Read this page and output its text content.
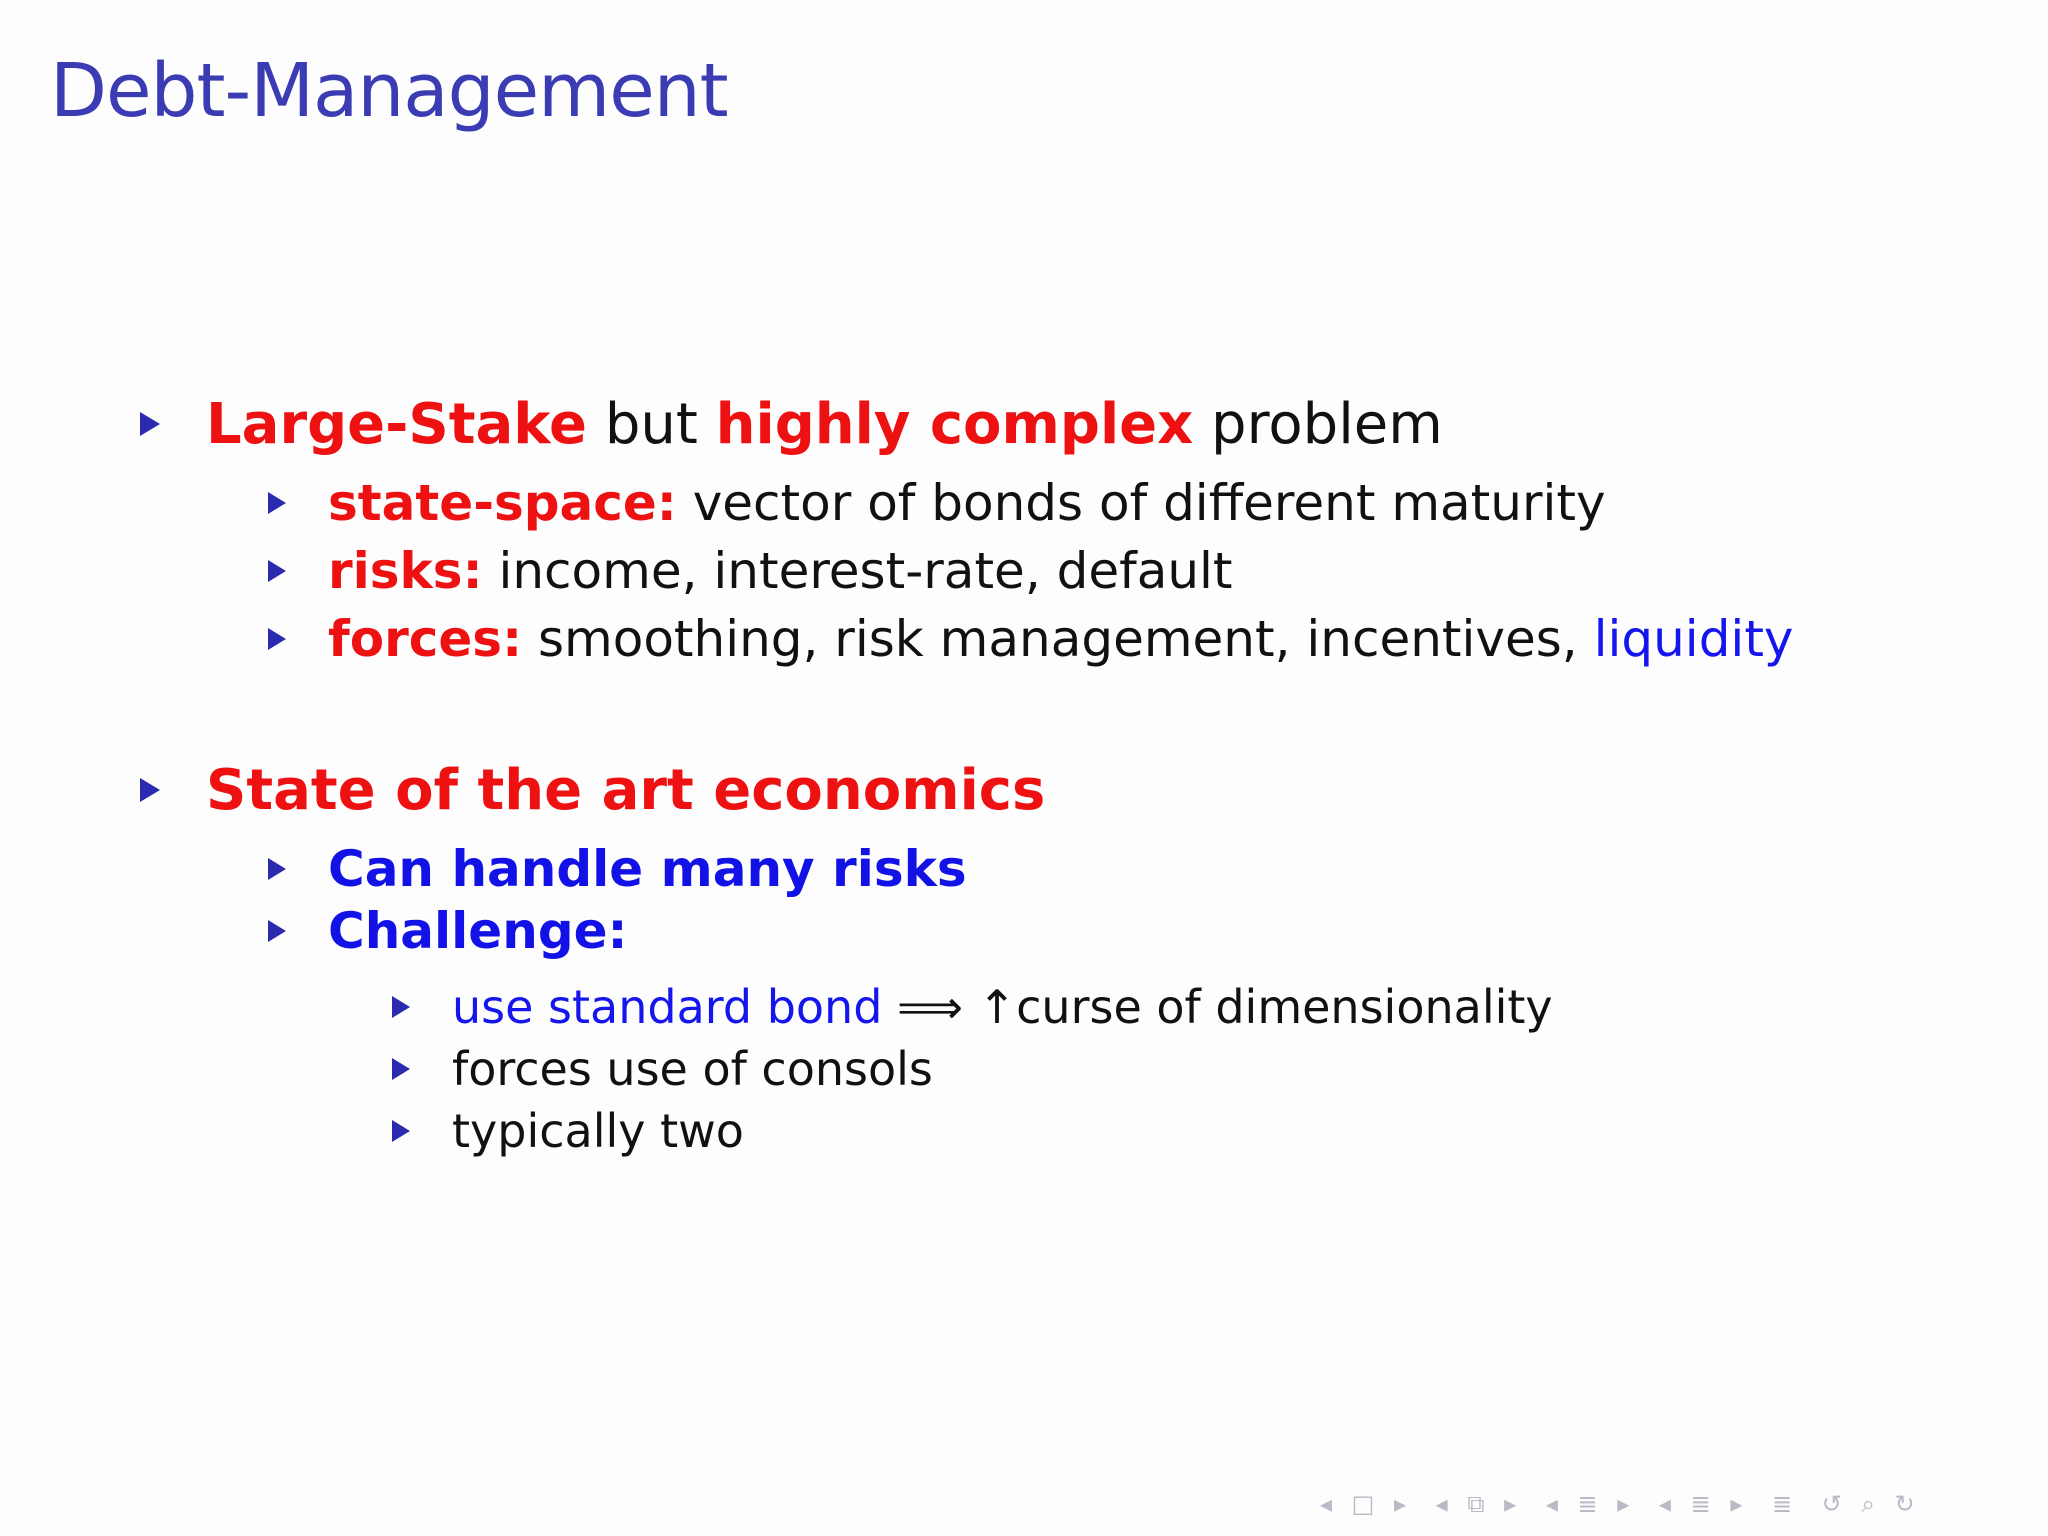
Debt-Management
Large-Stake but highly complex problem
state-space: vector of bonds of different maturity
risks: income, interest-rate, default
forces: smoothing, risk management, incentives, liquidity
State of the art economics
Can handle many risks
Challenge:
use standard bond ⟹ ↑curse of dimensionality
forces use of consols
typically two
◂ □ ▸ ◂ ⧉ ▸ ◂ ≣ ▸ ◂ ≣ ▸ ≣ ↺ ⌕ ↻
